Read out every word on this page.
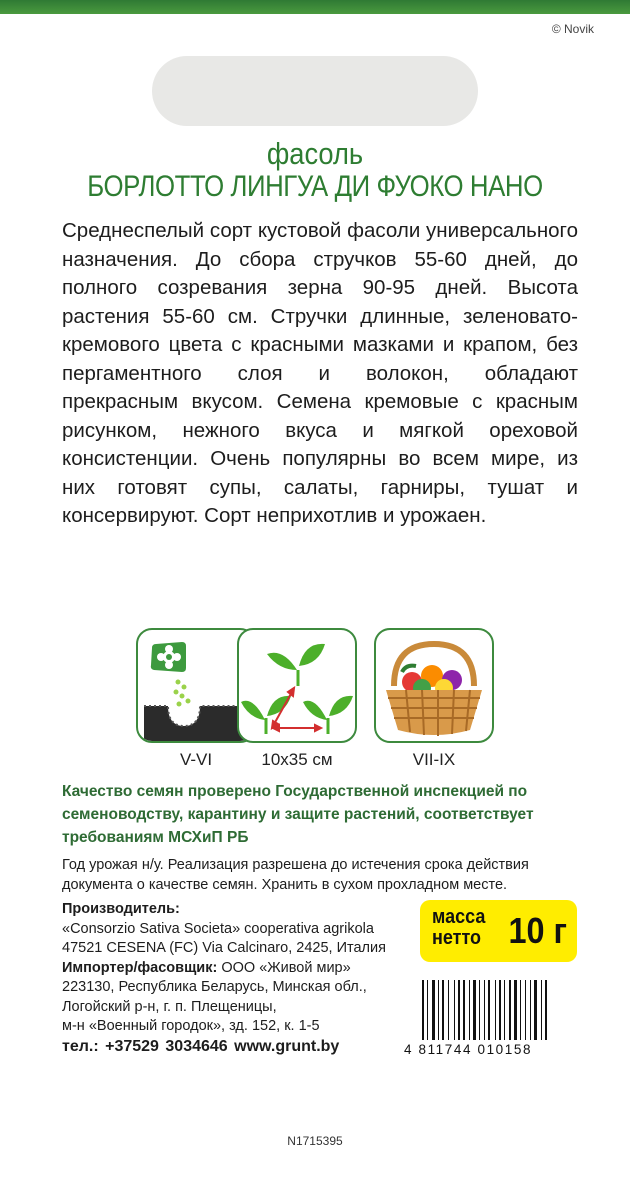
© Novik
фасоль
БОРЛОТТО ЛИНГУА ДИ ФУОКО НАНО
Среднеспелый сорт кустовой фасоли универсального назначения. До сбора стручков 55-60 дней, до полного созревания зерна 90-95 дней. Высота растения 55-60 см. Стручки длинные, зеленовато-кремового цвета с красными мазками и крапом, без пергаментного слоя и волокон, обладают прекрасным вкусом. Семена кремовые с красным рисунком, нежного вкуса и мягкой ореховой консистенции. Очень популярны во всем мире, из них готовят супы, салаты, гарниры, тушат и консервируют. Сорт неприхотлив и урожаен.
V-VI	10x35 см	VII-IX
Качество семян проверено Государственной инспекцией по семеноводству, карантину и защите растений, соответствует требованиям МСХиП РБ
Год урожая н/у. Реализация разрешена до истечения срока действия документа о качестве семян. Хранить в сухом прохладном месте.
Производитель:
«Consorzio Sativa Societa» cooperativa agrikola
47521 CESENA (FC) Via Calcinaro, 2425, Италия
Импортер/фасовщик: ООО «Живой мир»
223130, Республика Беларусь, Минская обл.,
Логойский р-н, г. п. Плещеницы,
м-н «Военный городок», зд. 152, к. 1-5
тел.: +37529 3034646 www.grunt.by
масса
нетто 10 г
4 811744 010158
N1715395
